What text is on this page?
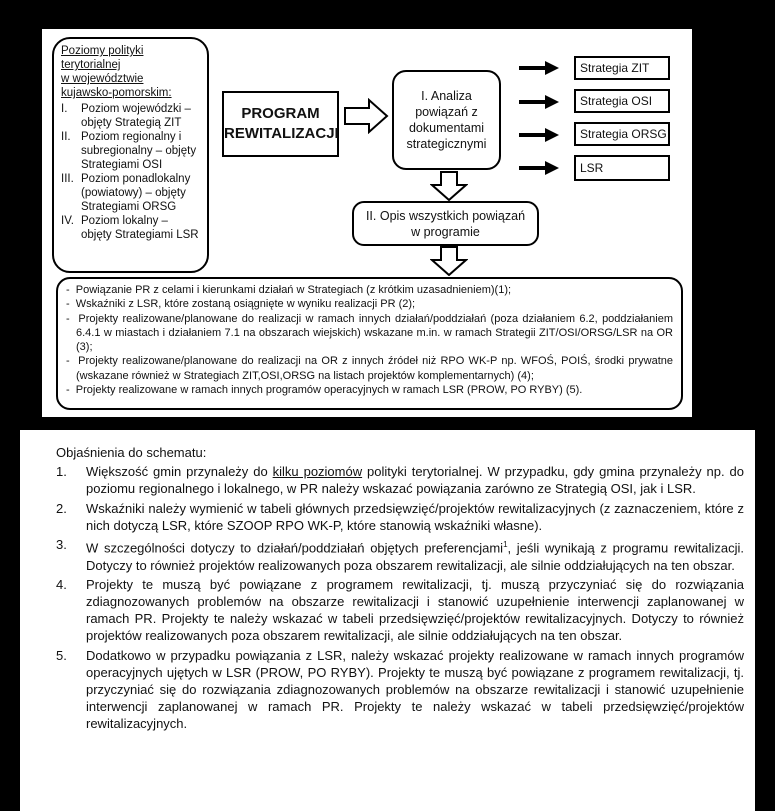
Poziomy polityki
terytorialnej
w województwie
kujawsko-pomorskim:
I.	Poziom wojewódzki – objęty Strategią ZIT
II. Poziom regionalny i subregionalny – objęty Strategiami OSI
III. Poziom ponadlokalny (powiatowy) – objęty Strategiami ORSG
IV. Poziom lokalny – objęty Strategiami LSR
PROGRAM
REWITALIZACJI
I. Analiza powiązań z dokumentami strategicznymi
Strategia ZIT
Strategia OSI
Strategia ORSG
LSR
II. Opis wszystkich powiązań w programie
-  Powiązanie PR z celami i kierunkami działań w Strategiach (z krótkim uzasadnieniem)(1);
-  Wskaźniki z LSR, które zostaną osiągnięte w wyniku realizacji PR (2);
-  Projekty realizowane/planowane do realizacji w ramach innych działań/poddziałań (poza działaniem 6.2, poddziałaniem 6.4.1 w miastach i działaniem 7.1 na obszarach wiejskich) wskazane m.in. w ramach Strategii ZIT/OSI/ORSG/LSR na OR (3);
-  Projekty realizowane/planowane do realizacji na OR z innych źródeł niż RPO WK-P np. WFOŚ, POIŚ, środki prywatne (wskazane również w Strategiach ZIT,OSI,ORSG na listach projektów komplementarnych) (4);
-  Projekty realizowane w ramach innych programów operacyjnych w ramach LSR (PROW, PO RYBY) (5).

Objaśnienia do schematu:

1.	Większość gmin przynależy do kilku poziomów polityki terytorialnej. W przypadku, gdy gmina przynależy np. do poziomu regionalnego i lokalnego, w PR należy wskazać powiązania zarówno ze Strategią OSI, jak i LSR.
2.	Wskaźniki należy wymienić w tabeli głównych przedsięwzięć/projektów rewitalizacyjnych (z zaznaczeniem, które z nich dotyczą LSR, które SZOOP RPO WK-P, które stanowią wskaźniki własne).
3.	W szczególności dotyczy to działań/poddziałań objętych preferencjami$^1$, jeśli wynikają z programu rewitalizacji. Dotyczy to również projektów realizowanych poza obszarem rewitalizacji, ale silnie oddziałujących na ten obszar.
4.	Projekty te muszą być powiązane z programem rewitalizacji, tj. muszą przyczyniać się do rozwiązania zdiagnozowanych problemów na obszarze rewitalizacji i stanowić uzupełnienie interwencji zaplanowanej w ramach PR. Projekty te należy wskazać w tabeli przedsięwzięć/projektów rewitalizacyjnych. Dotyczy to również projektów realizowanych poza obszarem rewitalizacji, ale silnie oddziałujących na ten obszar.
5.	Dodatkowo w przypadku powiązania z LSR, należy wskazać projekty realizowane w ramach innych programów operacyjnych ujętych w LSR (PROW, PO RYBY). Projekty te muszą być powiązane z programem rewitalizacji, tj. przyczyniać się do rozwiązania zdiagnozowanych problemów na obszarze rewitalizacji i stanowić uzupełnienie interwencji zaplanowanej w ramach PR. Projekty te należy wskazać w tabeli przedsięwzięć/projektów rewitalizacyjnych.
